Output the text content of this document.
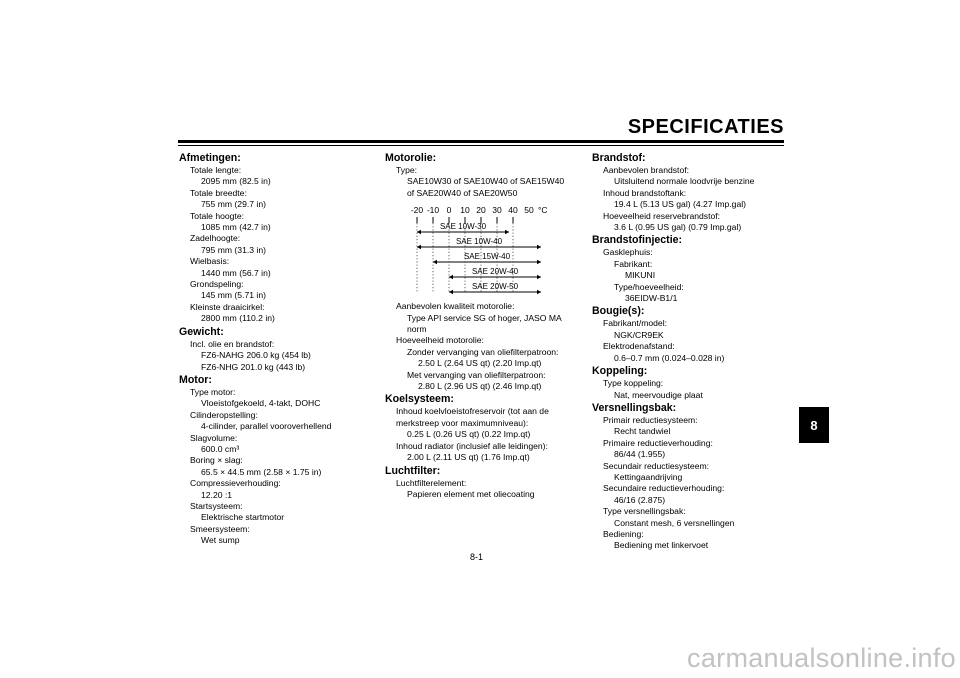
SPECIFICATIES
Afmetingen:
Totale lengte:
2095 mm (82.5 in)
Totale breedte:
755 mm (29.7 in)
Totale hoogte:
1085 mm (42.7 in)
Zadelhoogte:
795 mm (31.3 in)
Wielbasis:
1440 mm (56.7 in)
Grondspeling:
145 mm (5.71 in)
Kleinste draaicirkel:
2800 mm (110.2 in)
Gewicht:
Incl. olie en brandstof:
FZ6-NAHG 206.0 kg (454 lb)
FZ6-NHG 201.0 kg (443 lb)
Motor:
Type motor:
Vloeistofgekoeld, 4-takt, DOHC
Cilinderopstelling:
4-cilinder, parallel vooroverhellend
Slagvolume:
600.0 cm³
Boring × slag:
65.5 × 44.5 mm (2.58 × 1.75 in)
Compressieverhouding:
12.20 :1
Startsysteem:
Elektrische startmotor
Smeersysteem:
Wet sump
Motorolie:
Type:
SAE10W30 of SAE10W40 of SAE15W40
of SAE20W40 of SAE20W50
-20 -10 0 10 20 30 40 50 °C
SAE 10W-30
SAE 10W-40
SAE 15W-40
SAE 20W-40
SAE 20W-50
Aanbevolen kwaliteit motorolie:
Type API service SG of hoger, JASO MA
norm
Hoeveelheid motorolie:
Zonder vervanging van oliefilterpatroon:
2.50 L (2.64 US qt) (2.20 Imp.qt)
Met vervanging van oliefilterpatroon:
2.80 L (2.96 US qt) (2.46 Imp.qt)
Koelsysteem:
Inhoud koelvloeistofreservoir (tot aan de
merkstreep voor maximumniveau):
0.25 L (0.26 US qt) (0.22 Imp.qt)
Inhoud radiator (inclusief alle leidingen):
2.00 L (2.11 US qt) (1.76 Imp.qt)
Luchtfilter:
Luchtfilterelement:
Papieren element met oliecoating
Brandstof:
Aanbevolen brandstof:
Uitsluitend normale loodvrije benzine
Inhoud brandstoftank:
19.4 L (5.13 US gal) (4.27 Imp.gal)
Hoeveelheid reservebrandstof:
3.6 L (0.95 US gal) (0.79 Imp.gal)
Brandstofinjectie:
Gasklephuis:
Fabrikant:
MIKUNI
Type/hoeveelheid:
36EIDW-B1/1
Bougie(s):
Fabrikant/model:
NGK/CR9EK
Elektrodenafstand:
0.6–0.7 mm (0.024–0.028 in)
Koppeling:
Type koppeling:
Nat, meervoudige plaat
Versnellingsbak:
Primair reductiesysteem:
Recht tandwiel
Primaire reductieverhouding:
86/44 (1.955)
Secundair reductiesysteem:
Kettingaandrijving
Secundaire reductieverhouding:
46/16 (2.875)
Type versnellingsbak:
Constant mesh, 6 versnellingen
Bediening:
Bediening met linkervoet
8
8-1
carmanualsonline.info
